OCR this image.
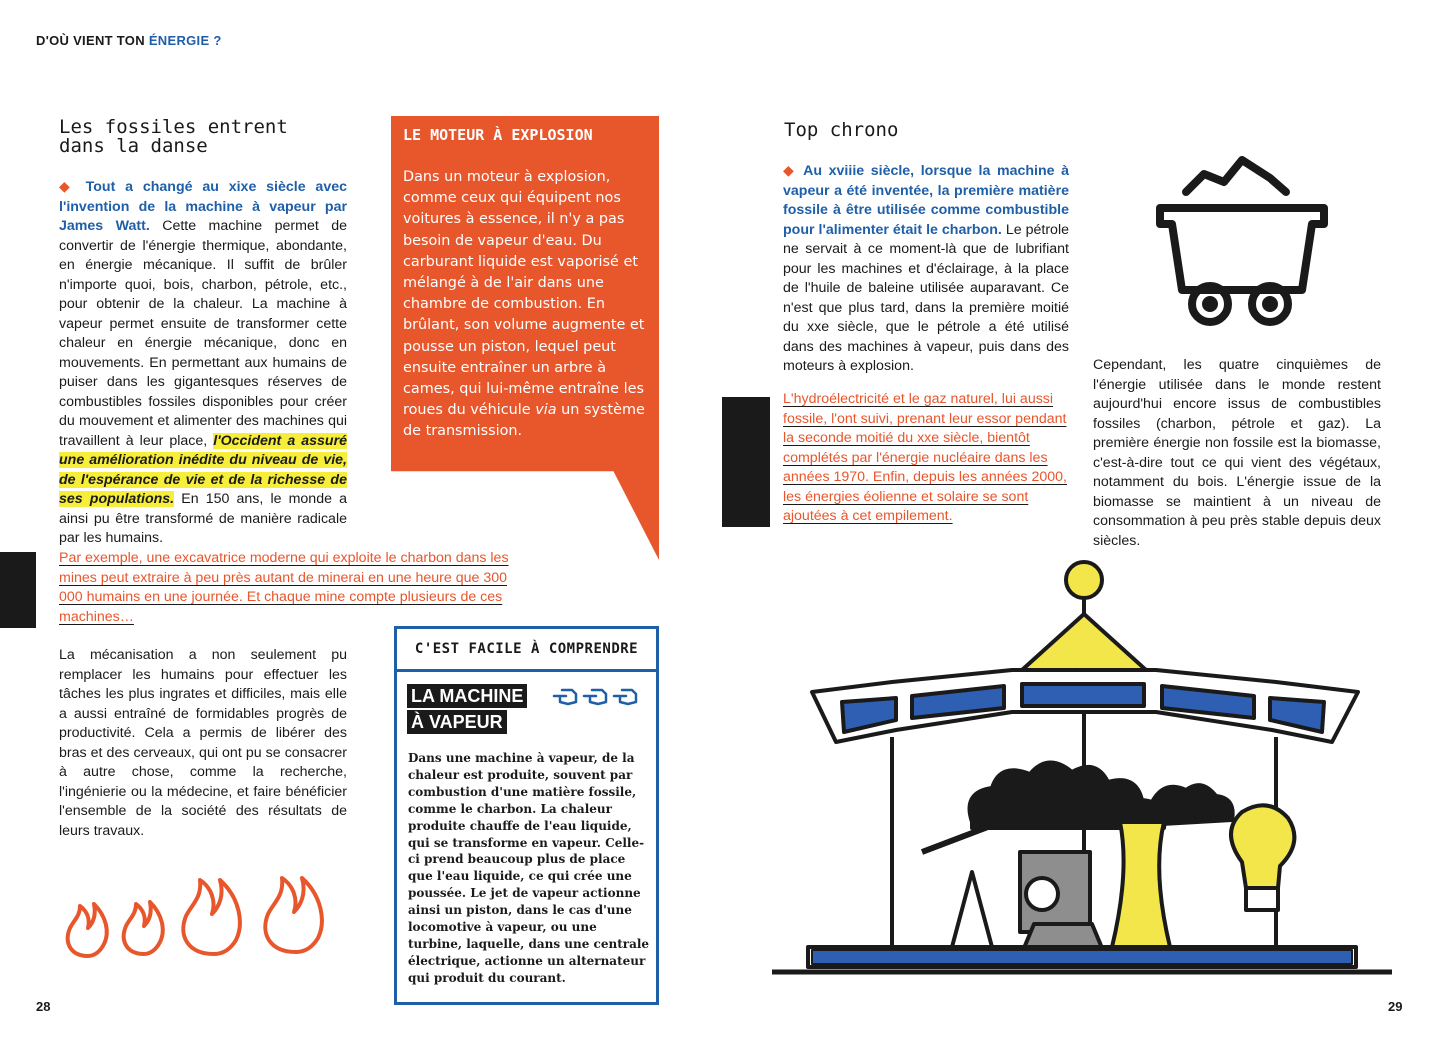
D'OÙ VIENT TON ÉNERGIE ?
Les fossiles entrent
dans la danse
◆ Tout a changé au xixe siècle avec l'invention de la machine à vapeur par James Watt. Cette machine permet de convertir de l'énergie thermique, abondante, en énergie mécanique. Il suffit de brûler n'importe quoi, bois, charbon, pétrole, etc., pour obtenir de la chaleur. La machine à vapeur permet ensuite de transformer cette chaleur en énergie mécanique, donc en mouvements. En permettant aux humains de puiser dans les gigantesques réserves de combustibles fossiles disponibles pour créer du mouvement et alimenter des machines qui travaillent à leur place, l'Occident a assuré une amélioration inédite du niveau de vie, de l'espérance de vie et de la richesse de ses populations. En 150 ans, le monde a ainsi pu être transformé de manière radicale par les humains.
Par exemple, une excavatrice moderne qui exploite le charbon dans les mines peut extraire à peu près autant de minerai en une heure que 300 000 humains en une journée. Et chaque mine compte plusieurs de ces machines…
La mécanisation a non seulement pu remplacer les humains pour effectuer les tâches les plus ingrates et difficiles, mais elle a aussi entraîné de formidables progrès de productivité. Cela a permis de libérer des bras et des cerveaux, qui ont pu se consacrer à autre chose, comme la recherche, l'ingénierie ou la médecine, et faire bénéficier l'ensemble de la société des résultats de leurs travaux.
28
LE MOTEUR À EXPLOSION
Dans un moteur à explosion, comme ceux qui équipent nos voitures à essence, il n'y a pas besoin de vapeur d'eau. Du carburant liquide est vaporisé et mélangé à de l'air dans une chambre de combustion. En brûlant, son volume augmente et pousse un piston, lequel peut ensuite entraîner un arbre à cames, qui lui-même entraîne les roues du véhicule via un système de transmission.
C'EST FACILE À COMPRENDRE
LA MACHINE
À VAPEUR
Dans une machine à vapeur, de la chaleur est produite, souvent par combustion d'une matière fossile, comme le charbon. La chaleur produite chauffe de l'eau liquide, qui se transforme en vapeur. Celle-ci prend beaucoup plus de place que l'eau liquide, ce qui crée une poussée. Le jet de vapeur actionne ainsi un piston, dans le cas d'une locomotive à vapeur, ou une turbine, laquelle, dans une centrale électrique, actionne un alternateur qui produit du courant.
Top chrono
◆ Au xviiie siècle, lorsque la machine à vapeur a été inventée, la première matière fossile à être utilisée comme combustible pour l'alimenter était le charbon. Le pétrole ne servait à ce moment-là que de lubrifiant pour les machines et d'éclairage, à la place de l'huile de baleine utilisée auparavant. Ce n'est que plus tard, dans la première moitié du xxe siècle, que le pétrole a été utilisé dans des machines à vapeur, puis dans des moteurs à explosion.
L'hydroélectricité et le gaz naturel, lui aussi fossile, l'ont suivi, prenant leur essor pendant la seconde moitié du xxe siècle, bientôt complétés par l'énergie nucléaire dans les années 1970. Enfin, depuis les années 2000, les énergies éolienne et solaire se sont ajoutées à cet empilement.
Cependant, les quatre cinquièmes de l'énergie utilisée dans le monde restent aujourd'hui encore issus de combustibles fossiles (charbon, pétrole et gaz). La première énergie non fossile est la biomasse, c'est-à-dire tout ce qui vient des végétaux, notamment du bois. L'énergie issue de la biomasse se maintient à un niveau de consommation à peu près stable depuis deux siècles.
29
